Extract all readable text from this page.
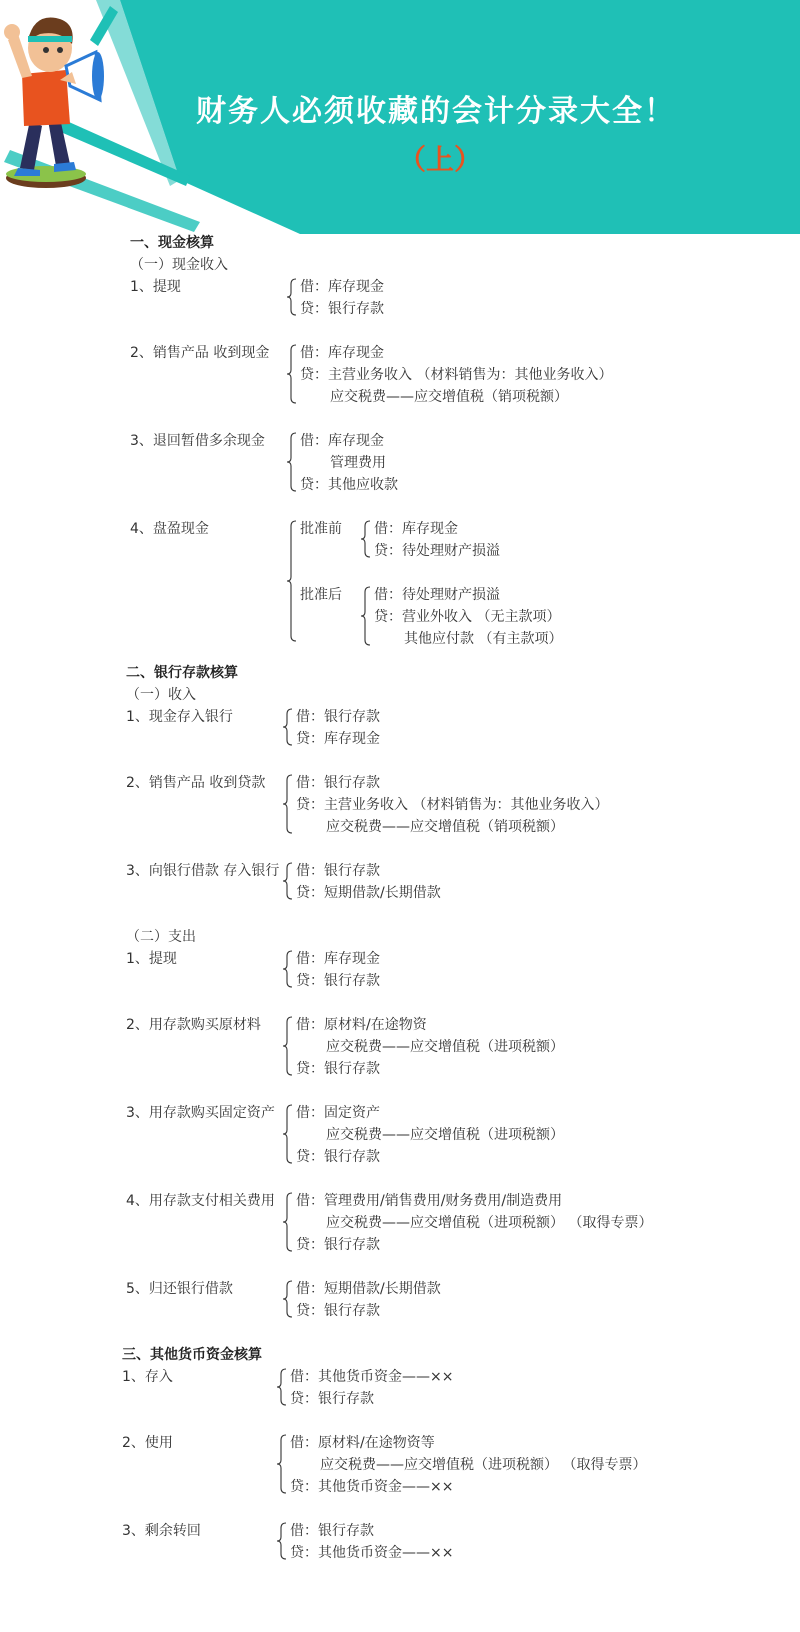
财务人必须收藏的会计分录大全！
（上）
一、现金核算
（一）现金收入
1、提现	借：库存现金
贷：银行存款
2、销售产品 收到现金 借：库存现金
贷：主营业务收入 （材料销售为：其他业务收入）
应交税费——应交增值税（销项税额）
3、退回暂借多余现金	借：库存现金
管理费用
贷：其他应收款
4、盘盈现金	批准前 借：库存现金
贷：待处理财产损溢
批准后 借：待处理财产损溢
贷：营业外收入 （无主款项）
其他应付款 （有主款项）
二、银行存款核算
（一）收入
1、现金存入银行	借：银行存款
贷：库存现金
2、销售产品 收到贷款 借：银行存款
贷：主营业务收入 （材料销售为：其他业务收入）
应交税费——应交增值税（销项税额）
3、向银行借款 存入银行 借：银行存款
贷：短期借款/长期借款
（二）支出
1、提现	借：库存现金
贷：银行存款
2、用存款购买原材料	借：原材料/在途物资
应交税费——应交增值税（进项税额）
贷：银行存款
3、用存款购买固定资产 借：固定资产
应交税费——应交增值税（进项税额）
贷：银行存款
4、用存款支付相关费用 借：管理费用/销售费用/财务费用/制造费用
应交税费——应交增值税（进项税额） （取得专票）
贷：银行存款
5、归还银行借款	借：短期借款/长期借款
贷：银行存款
三、其他货币资金核算
1、存入	借：其他货币资金——××
贷：银行存款
2、使用	借：原材料/在途物资等
应交税费——应交增值税（进项税额） （取得专票）
贷：其他货币资金——××
3、剩余转回	借：银行存款
贷：其他货币资金——××
